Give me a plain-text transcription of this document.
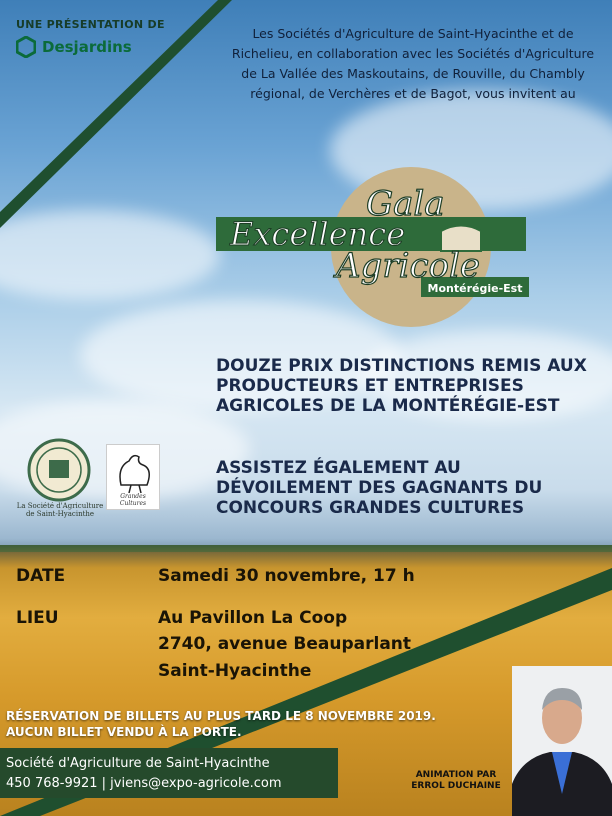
UNE PRÉSENTATION DE
Desjardins
Les Sociétés d'Agriculture de Saint-Hyacinthe et de Richelieu, en collaboration avec les Sociétés d'Agriculture de La Vallée des Maskoutains, de Rouville, du Chambly régional, de Verchères et de Bagot, vous invitent au
Gala
Excellence
Agricole
Montérégie-Est
DOUZE PRIX DISTINCTIONS REMIS AUX PRODUCTEURS ET ENTREPRISES AGRICOLES DE LA MONTÉRÉGIE-EST
La Société d'Agriculture de Saint-Hyacinthe
Grandes Cultures
ASSISTEZ ÉGALEMENT AU DÉVOILEMENT DES GAGNANTS DU CONCOURS GRANDES CULTURES
DATE	Samedi 30 novembre, 17 h
LIEU	Au Pavillon La Coop
2740, avenue Beauparlant
Saint-Hyacinthe
RÉSERVATION DE BILLETS AU PLUS TARD LE 8 NOVEMBRE 2019.
AUCUN BILLET VENDU À LA PORTE.
Société d'Agriculture de Saint-Hyacinthe
450 768-9921 | jviens@expo-agricole.com
ANIMATION PAR
ERROL DUCHAINE
